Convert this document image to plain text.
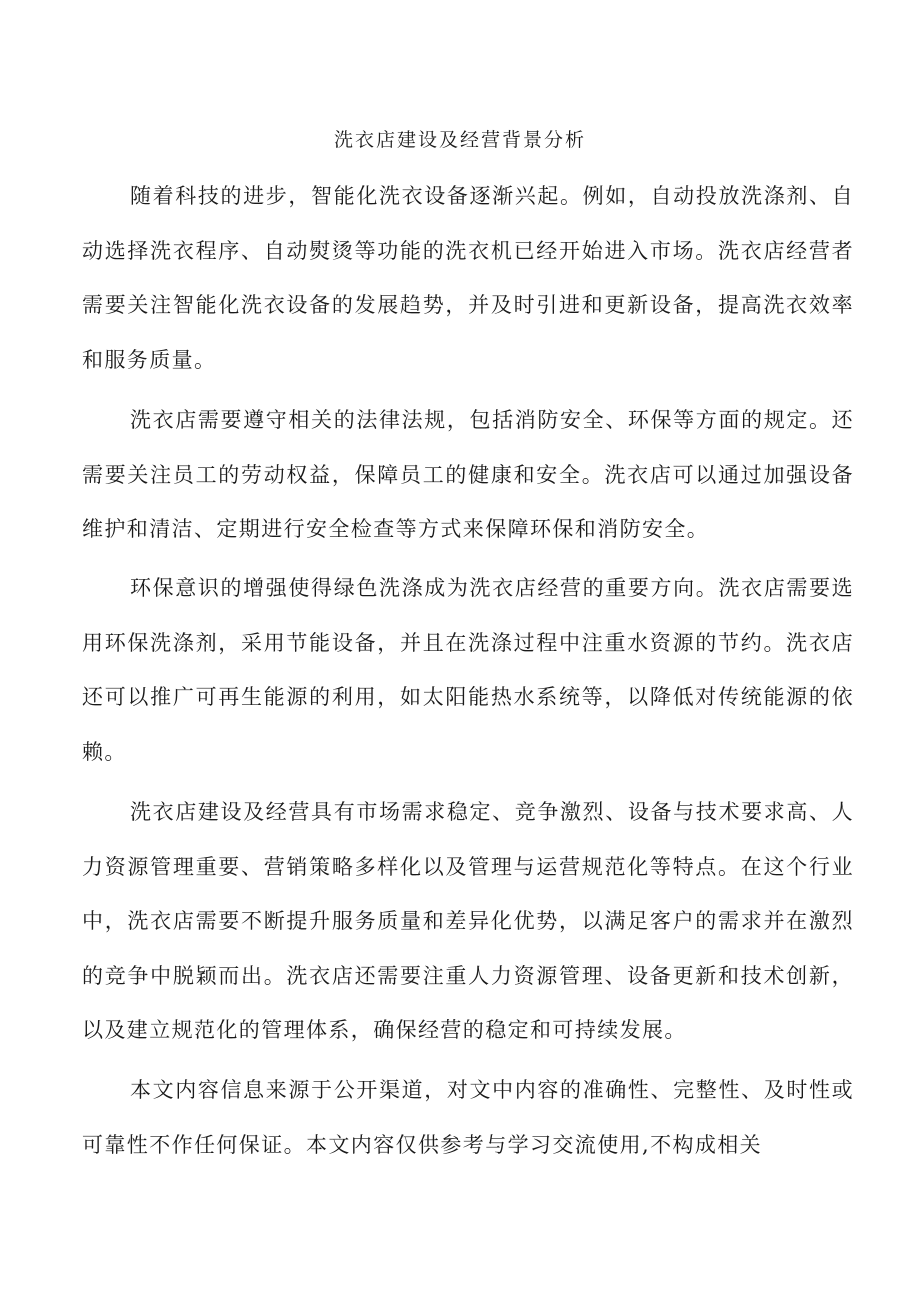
洗衣店建设及经营背景分析

随着科技的进步，智能化洗衣设备逐渐兴起。例如，自动投放洗涤剂、自动选择洗衣程序、自动熨烫等功能的洗衣机已经开始进入市场。洗衣店经营者需要关注智能化洗衣设备的发展趋势，并及时引进和更新设备，提高洗衣效率和服务质量。

洗衣店需要遵守相关的法律法规，包括消防安全、环保等方面的规定。还需要关注员工的劳动权益，保障员工的健康和安全。洗衣店可以通过加强设备维护和清洁、定期进行安全检查等方式来保障环保和消防安全。

环保意识的增强使得绿色洗涤成为洗衣店经营的重要方向。洗衣店需要选用环保洗涤剂，采用节能设备，并且在洗涤过程中注重水资源的节约。洗衣店还可以推广可再生能源的利用，如太阳能热水系统等，以降低对传统能源的依赖。

洗衣店建设及经营具有市场需求稳定、竞争激烈、设备与技术要求高、人力资源管理重要、营销策略多样化以及管理与运营规范化等特点。在这个行业中，洗衣店需要不断提升服务质量和差异化优势，以满足客户的需求并在激烈的竞争中脱颖而出。洗衣店还需要注重人力资源管理、设备更新和技术创新，以及建立规范化的管理体系，确保经营的稳定和可持续发展。

本文内容信息来源于公开渠道，对文中内容的准确性、完整性、及时性或可靠性不作任何保证。本文内容仅供参考与学习交流使用,不构成相关
